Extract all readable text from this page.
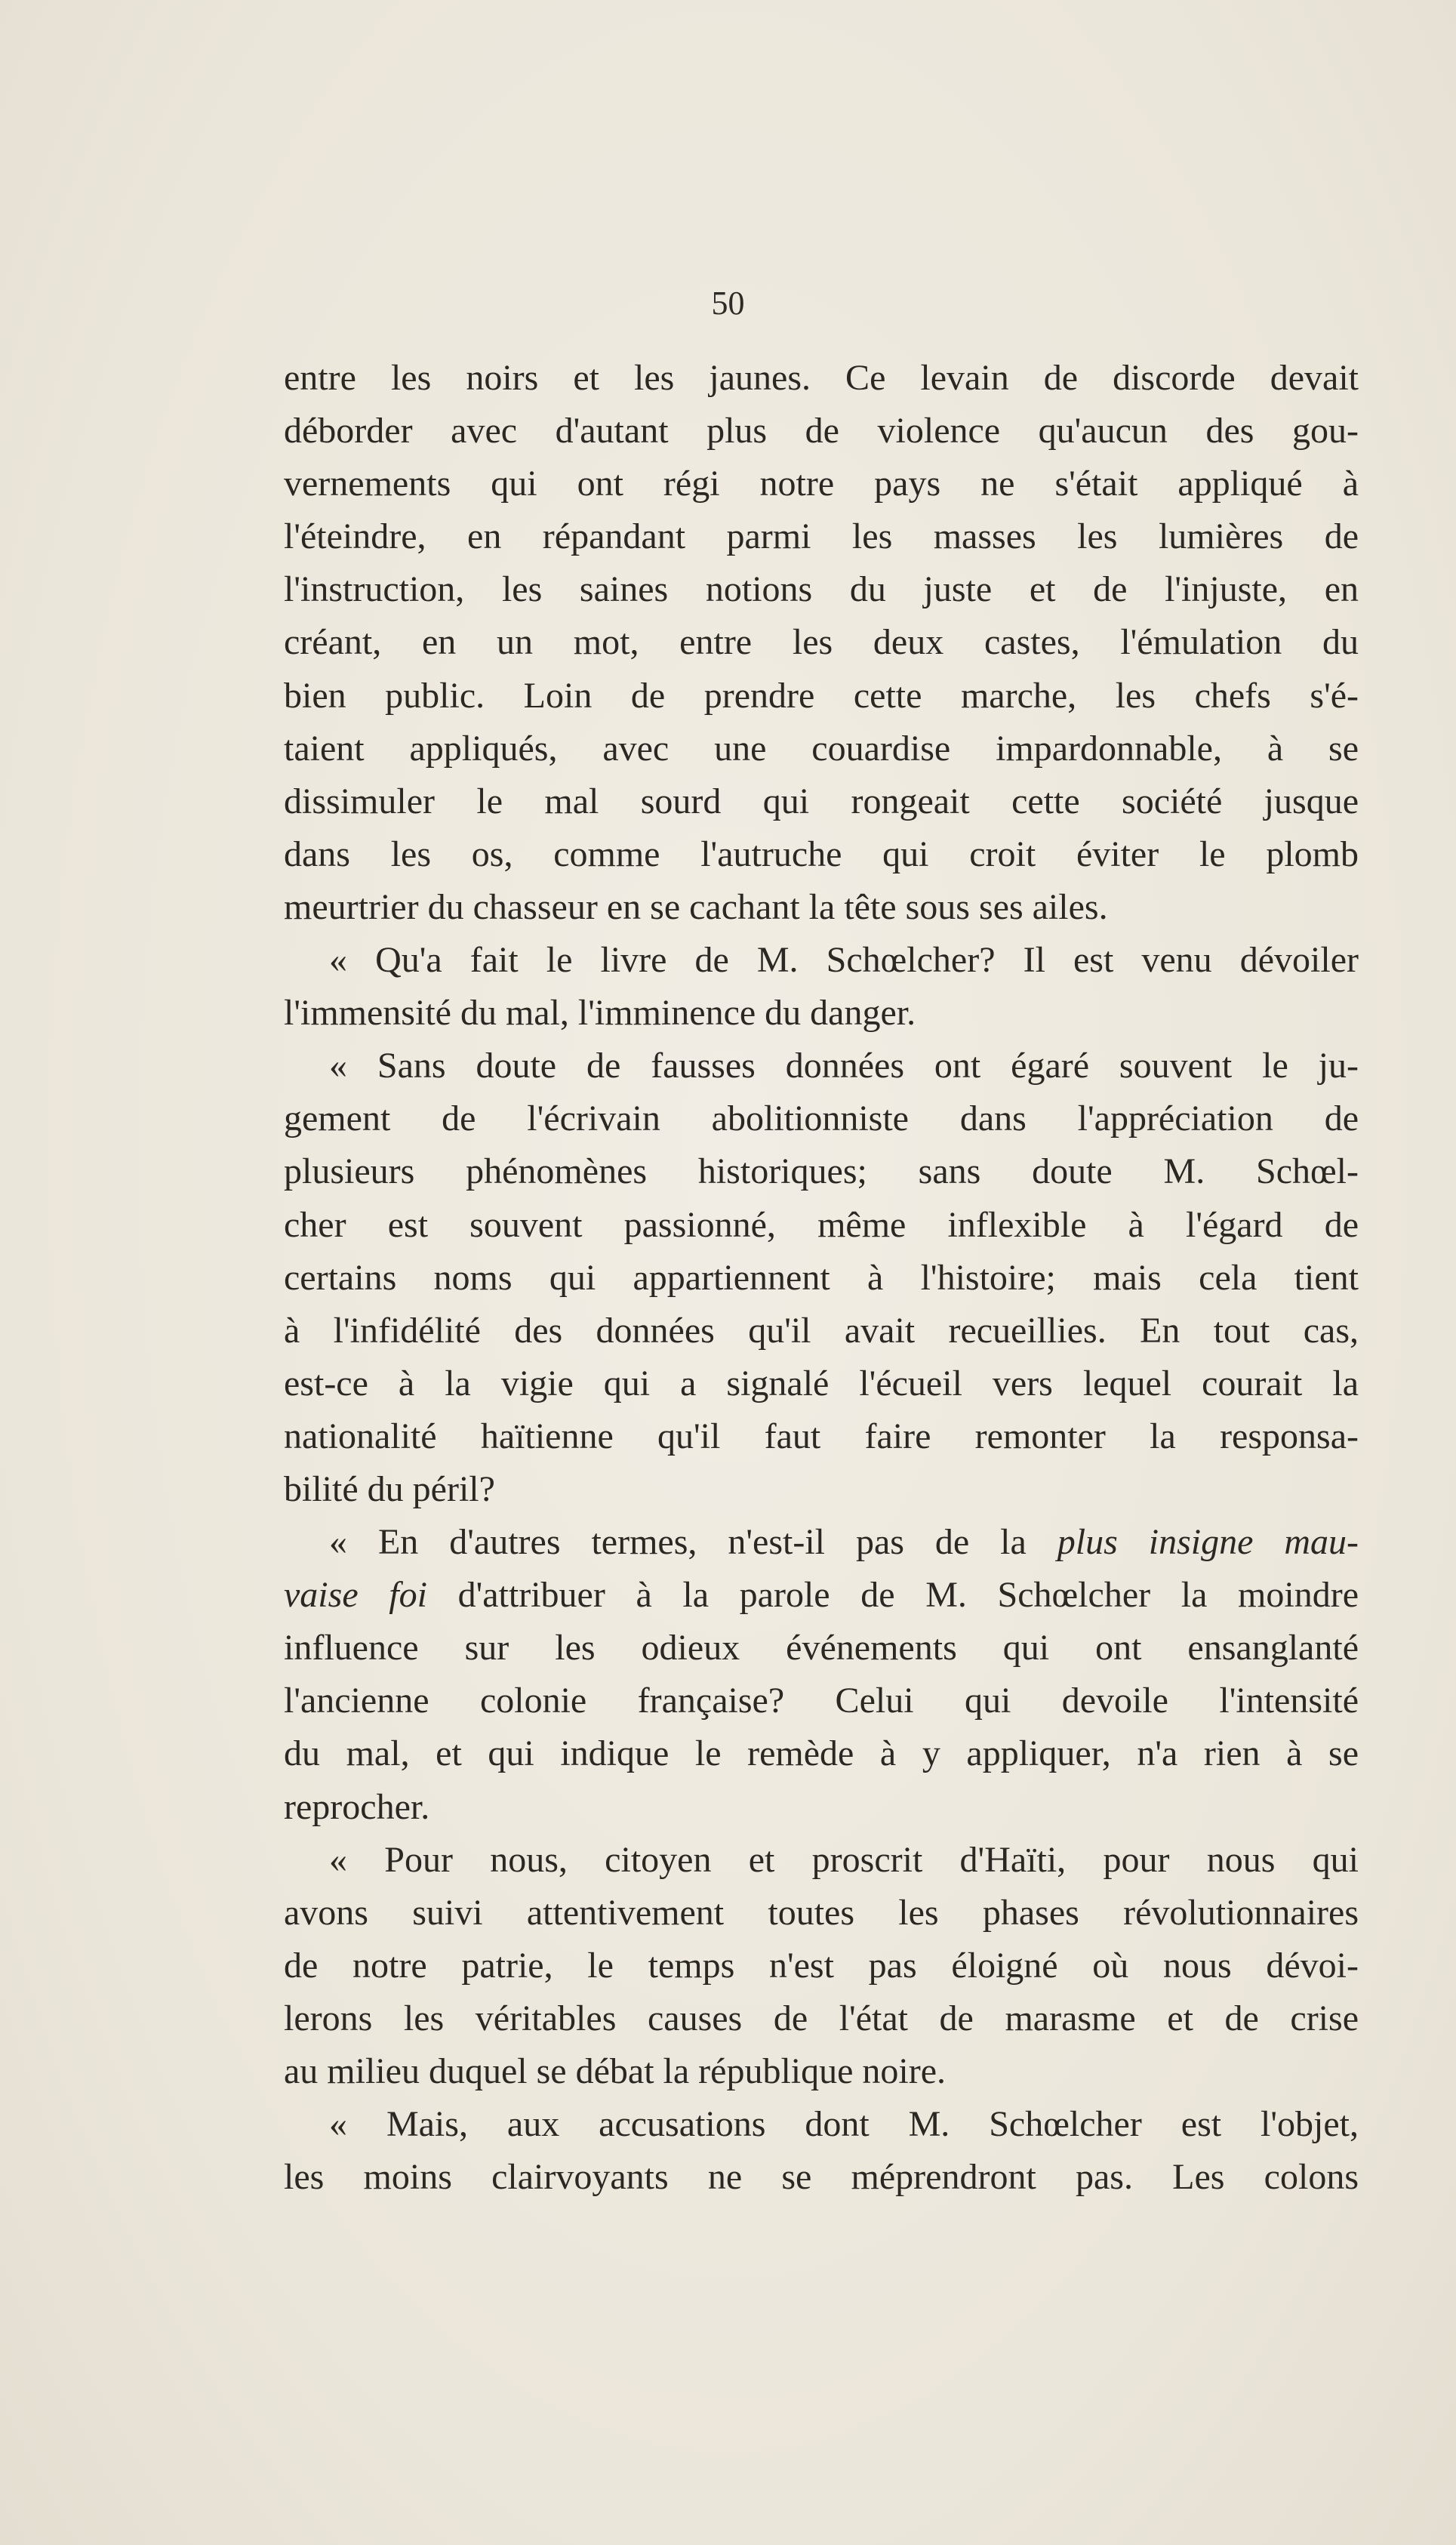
50
entre les noirs et les jaunes. Ce levain de discorde devait
déborder avec d'autant plus de violence qu'aucun des gou-
vernements qui ont régi notre pays ne s'était appliqué à
l'éteindre, en répandant parmi les masses les lumières de
l'instruction, les saines notions du juste et de l'injuste, en
créant, en un mot, entre les deux castes, l'émulation du
bien public. Loin de prendre cette marche, les chefs s'é-
taient appliqués, avec une couardise impardonnable, à se
dissimuler le mal sourd qui rongeait cette société jusque
dans les os, comme l'autruche qui croit éviter le plomb
meurtrier du chasseur en se cachant la tête sous ses ailes.
« Qu'a fait le livre de M. Schœlcher? Il est venu dévoiler
l'immensité du mal, l'imminence du danger.
« Sans doute de fausses données ont égaré souvent le ju-
gement de l'écrivain abolitionniste dans l'appréciation de
plusieurs phénomènes historiques; sans doute M. Schœl-
cher est souvent passionné, même inflexible à l'égard de
certains noms qui appartiennent à l'histoire; mais cela tient
à l'infidélité des données qu'il avait recueillies. En tout cas,
est-ce à la vigie qui a signalé l'écueil vers lequel courait la
nationalité haïtienne qu'il faut faire remonter la responsa-
bilité du péril?
« En d'autres termes, n'est-il pas de la plus insigne mau-
vaise foi d'attribuer à la parole de M. Schœlcher la moindre
influence sur les odieux événements qui ont ensanglanté
l'ancienne colonie française? Celui qui devoile l'intensité
du mal, et qui indique le remède à y appliquer, n'a rien à se
reprocher.
« Pour nous, citoyen et proscrit d'Haïti, pour nous qui
avons suivi attentivement toutes les phases révolutionnaires
de notre patrie, le temps n'est pas éloigné où nous dévoi-
lerons les véritables causes de l'état de marasme et de crise
au milieu duquel se débat la république noire.
« Mais, aux accusations dont M. Schœlcher est l'objet,
les moins clairvoyants ne se méprendront pas. Les colons
